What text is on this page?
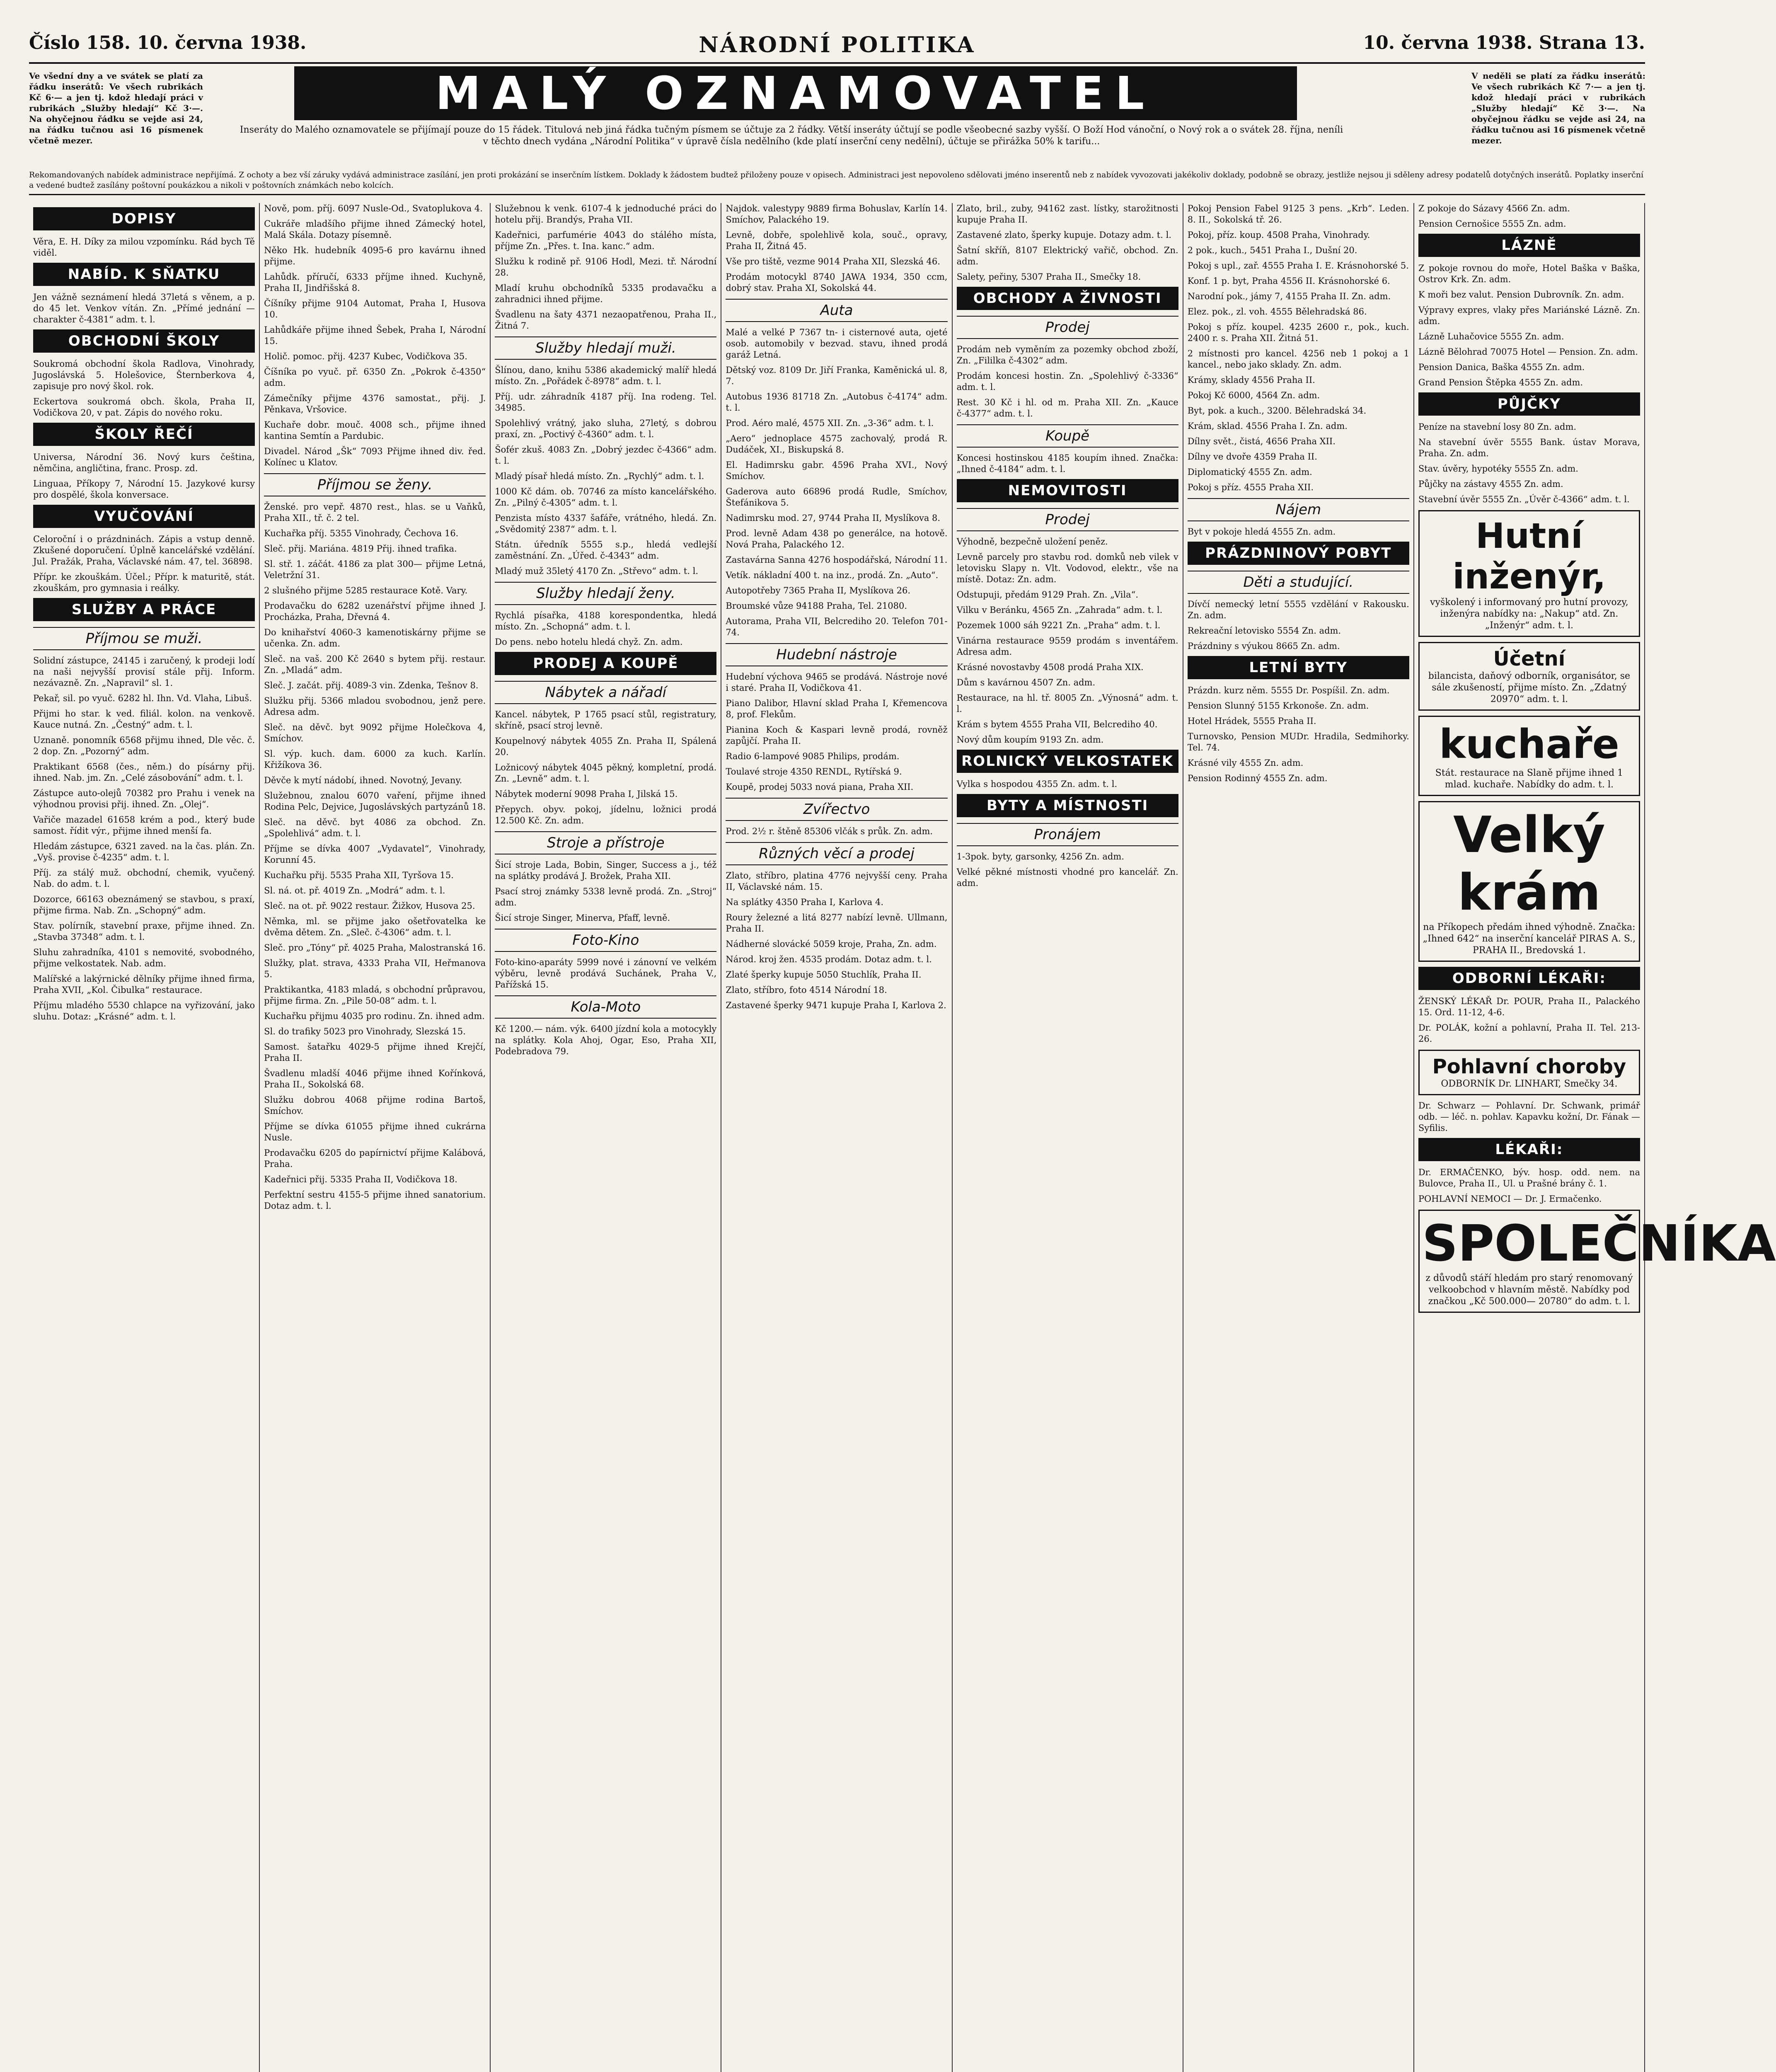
Číslo 158. 10. června 1938.	NÁRODNÍ POLITIKA	10. června 1938. Strana 13.
Ve všední dny a ve svátek se platí za řádku inserátů: Ve všech rubrikách Kč 6·— a jen tj. kdož hledají práci v rubrikách „Služby hledají“ Kč 3·—. Na ohyčejnou řádku se vejde asi 24, na řádku tučnou asi 16 písmenek včetně mezer.
MALÝ OZNAMOVATEL	V neděli se platí za řádku inserátů: Ve všech rubrikách Kč 7·— a jen tj. kdož hledají práci v rubrikách „Služby hledají“ Kč 3·—. Na obyčejnou řádku se vejde asi 24, na řádku tučnou asi 16 písmenek včetně mezer.
Inseráty do Malého oznamovatele se přijímají pouze do 15 řádek. Titulová neb jiná řádka tučným písmem se účtuje za 2 řádky. Větší inseráty účtují se podle všeobecné sazby vyšší. O Boží Hod vánoční, o Nový rok a o svátek 28. října, neníli v těchto dnech vydána „Národní Politika“ v úpravě čísla nedělního (kde platí inserční ceny nedělní), účtuje se přirážka 50% k tarifu...
Rekomandovaných nabídek administrace nepřijímá. Z ochoty a bez vší záruky vydává administrace zasílání, jen proti prokázání se inserčním lístkem. Doklady k žádostem budtež přiloženy pouze v opisech. Administraci jest nepovoleno sdělovati jméno inserentů neb z nabídek vyvozovati jakékoliv doklady, podobně se obrazy, jestliže nejsou ji sděleny adresy podatelů dotyčných inserátů. Poplatky inserční a vedené budtež zasílány poštovní poukázkou a nikoli v poštovních známkách nebo kolcích.
DOPISY

Věra, E. H. Díky za milou vzpomínku. Rád bych Tě viděl.

NABÍD. K SŇATKU

Jen vážně seznámení hledá 37letá s věnem, a p. do 45 let. Venkov vítán. Zn. „Přímé jednání — charakter č-4381“ adm. t. l.

OBCHODNÍ ŠKOLY

Soukromá obchodní škola Radlova, Vinohrady, Jugoslávská 5. Holešovice, Šternberkova 4, zapisuje pro nový škol. rok.

Eckertova soukromá obch. škola, Praha II, Vodičkova 20, v pat. Zápis do nového roku.

ŠKOLY ŘEČÍ

Universa, Národní 36. Nový kurs čeština, němčina, angličtina, franc. Prosp. zd.

Linguaa, Příkopy 7, Národní 15. Jazykové kursy pro dospělé, škola konversace.

VYUČOVÁNÍ

Celoroční i o prázdninách. Zápis a vstup denně. Zkušené doporučení. Úplně kancelářské vzdělání. Jul. Pražák, Praha, Václavské nám. 47, tel. 36898.

Přípr. ke zkouškám. Účel.; Přípr. k maturitě, stát. zkouškám, pro gymnasia i reálky.

SLUŽBY A PRÁCE
Příjmou se muži.

Solidní zástupce, 24145 i zaručený, k prodeji lodí na naši nejvyšší provisí stále přij. Inform. nezávazně. Zn. „Napravil“ sl. 1.

Pekař, sil. po vyuč. 6282 hl. Ihn. Vd. Vlaha, Libuš.

Přijmi ho star. k ved. filiál. kolon. na venkově. Kauce nutná. Zn. „Čestný“ adm. t. l.

Uznaně. ponomník 6568 přijmu ihned, Dle věc. č. 2 dop. Zn. „Pozorný“ adm.

Praktikant 6568 (čes., něm.) do písárny přij. ihned. Nab. jm. Zn. „Celé zásobování“ adm. t. l.

Zástupce auto-olejů 70382 pro Prahu i venek na výhodnou provisi přij. ihned. Zn. „Olej“.

Vařiče mazadel 61658 krém a pod., který bude samost. řídit výr., přijme ihned menší fa.

Hledám zástupce, 6321 zaved. na la čas. plán. Zn. „Vyš. provise č-4235“ adm. t. l.

Příj. za stálý muž. obchodní, chemik, vyučený. Nab. do adm. t. l.

Dozorce, 66163 obeznámený se stavbou, s praxí, přijme firma. Nab. Zn. „Schopný“ adm.

Stav. polírník, stavební praxe, přijme ihned. Zn. „Stavba 37348“ adm. t. l.

Sluhu zahradníka, 4101 s nemovité, svobodného, přijme velkostatek. Nab. adm.

Malířské a lakýrnické dělníky přijme ihned firma, Praha XVII, „Kol. Čibulka“ restaurace.

Příjmu mladého 5530 chlapce na vyřizování, jako sluhu. Dotaz: „Krásné“ adm. t. l.

Nově, pom. příj. 6097 Nusle-Od., Svatoplukova 4.

Cukráře mladšího přijme ihned Zámecký hotel, Malá Skála. Dotazy písemně.

Něko Hk. hudebník 4095-6 pro kavárnu ihned přijme.

Lahůdk. příručí, 6333 příjme ihned. Kuchyně, Praha II, Jindřišská 8.

Číšníky přijme 9104 Automat, Praha I, Husova 10.

Lahůdkáře přijme ihned Šebek, Praha I, Národní 15.

Holič. pomoc. přij. 4237 Kubec, Vodičkova 35.

Číšníka po vyuč. př. 6350 Zn. „Pokrok č-4350“ adm.

Zámečníky přijme 4376 samostat., přij. J. Pěnkava, Vršovice.

Kuchaře dobr. mouč. 4008 sch., přijme ihned kantina Semtín a Pardubic.

Divadel. Národ „Šk“ 7093 Přijme ihned div. řed. Kolínec u Klatov.

Příjmou se ženy.

Ženské. pro vepř. 4870 rest., hlas. se u Vaňků, Praha XII., tř. č. 2 tel.

Kuchařka příj. 5355 Vinohrady, Čechova 16.

Sleč. přij. Mariána. 4819 Přij. ihned trafika.

Sl. stř. 1. záčát. 4186 za plat 300— přijme Letná, Veletržní 31.

2 slušného přijme 5285 restaurace Kotě. Vary.

Prodavačku do 6282 uzenářství přijme ihned J. Procházka, Praha, Dřevná 4.

Do knihařství 4060-3 kamenotiskárny přijme se učenka. Zn. adm.

Sleč. na vaš. 200 Kč 2640 s bytem přij. restaur. Zn. „Mladá“ adm.

Sleč. J. začát. přij. 4089-3 vin. Zdenka, Tešnov 8.

Služku přij. 5366 mladou svobodnou, jenž pere. Adresa adm.

Sleč. na děvč. byt 9092 přijme Holečkova 4, Smíchov.

Sl. výp. kuch. dam. 6000 za kuch. Karlín. Křižíkova 36.

Děvče k mytí nádobí, ihned. Novotný, Jevany.

Služebnou, znalou 6070 vaření, přijme ihned Rodina Pelc, Dejvice, Jugoslávských partyzánů 18.

Sleč. na děvč. byt 4086 za obchod. Zn. „Spolehlivá“ adm. t. l.

Příjme se dívka 4007 „Vydavatel“, Vinohrady, Korunní 45.

Kuchařku přij. 5535 Praha XII, Tyršova 15.

Sl. ná. ot. př. 4019 Zn. „Modrá“ adm. t. l.

Sleč. na ot. př. 9022 restaur. Žižkov, Husova 25.

Němka, ml. se přijme jako ošetřovatelka ke dvěma dětem. Zn. „Sleč. č-4306“ adm. t. l.

Sleč. pro „Tóny“ př. 4025 Praha, Malostranská 16.

Služky, plat. strava, 4333 Praha VII, Heřmanova 5.

Praktikantka, 4183 mladá, s obchodní průpravou, přijme firma. Zn. „Pile 50-08“ adm. t. l.

Kuchařku přijmu 4035 pro rodinu. Zn. ihned adm.

Sl. do trafiky 5023 pro Vinohrady, Slezská 15.

Samost. šatařku 4029-5 přijme ihned Krejčí, Praha II.

Švadlenu mladší 4046 přijme ihned Kořínková, Praha II., Sokolská 68.

Služku dobrou 4068 přijme rodina Bartoš, Smíchov.

Příjme se dívka 61055 přijme ihned cukrárna Nusle.

Prodavačku 6205 do papírnictví přijme Kalábová, Praha.

Kadeřnici přij. 5335 Praha II, Vodičkova 18.

Perfektní sestru 4155-5 přijme ihned sanatorium. Dotaz adm. t. l.

Služebnou k venk. 6107-4 k jednoduché práci do hotelu přij. Brandýs, Praha VII.

Kadeřnici, parfumérie 4043 do stálého místa, příjme Zn. „Přes. t. Ina. kanc.“ adm.

Služku k rodině př. 9106 Hodl, Mezi. tř. Národní 28.

Mladí kruhu obchodníků 5335 prodavačku a zahradnici ihned přijme.

Švadlenu na šaty 4371 nezaopatřenou, Praha II., Žitná 7.

Služby hledají muži.

Šlínou, dano, knihu 5386 akademický malíř hledá místo. Zn. „Pořádek č-8978“ adm. t. l.

Příj. udr. záhradník 4187 příj. Ina rodeng. Tel. 34985.

Spolehlivý vrátný, jako sluha, 27letý, s dobrou praxí, zn. „Poctivý č-4360“ adm. t. l.

Šofér zkuš. 4083 Zn. „Dobrý jezdec č-4366“ adm. t. l.

Mladý písař hledá místo. Zn. „Rychlý“ adm. t. l.

1000 Kč dám. ob. 70746 za místo kancelářského. Zn. „Pilný č-4305“ adm. t. l.

Penzista místo 4337 šafáře, vrátného, hledá. Zn. „Svědomitý 2387“ adm. t. l.

Státn. úředník 5555 s.p., hledá vedlejší zaměstnání. Zn. „Úřed. č-4343“ adm.

Mladý muž 35letý 4170 Zn. „Střevo“ adm. t. l.

Služby hledají ženy.

Rychlá písařka, 4188 korespondentka, hledá místo. Zn. „Schopná“ adm. t. l.

Do pens. nebo hotelu hledá chyž. Zn. adm.

PRODEJ A KOUPĚ
Nábytek a nářadí

Kancel. nábytek, P 1765 psací stůl, registratury, skříně, psací stroj levně.

Koupelnový nábytek 4055 Zn. Praha II, Spálená 20.

Ložnicový nábytek 4045 pěkný, kompletní, prodá. Zn. „Levně“ adm. t. l.

Nábytek moderní 9098 Praha I, Jilská 15.

Přepych. obyv. pokoj, jídelnu, ložnici prodá 12.500 Kč. Zn. adm.

Stroje a přístroje

Šicí stroje Lada, Bobin, Singer, Success a j., též na splátky prodává J. Brožek, Praha XII.

Psací stroj známky 5338 levně prodá. Zn. „Stroj“ adm.

Šicí stroje Singer, Minerva, Pfaff, levně.

Foto-Kino

Foto-kino-aparáty 5999 nové i zánovní ve velkém výběru, levně prodává Suchánek, Praha V., Pařížská 15.

Kola-Moto

Kč 1200.— nám. výk. 6400 jízdní kola a motocykly na splátky. Kola Ahoj, Ogar, Eso, Praha XII, Podebradova 79.

Najdok. valestypy 9889 firma Bohuslav, Karlín 14. Smíchov, Palackého 19.

Levně, dobře, spolehlivě kola, souč., opravy, Praha II, Žitná 45.

Vše pro tiště, vezme 9014 Praha XII, Slezská 46.

Prodám motocykl 8740 JAWA 1934, 350 ccm, dobrý stav. Praha XI, Sokolská 44.

Auta

Malé a velké P 7367 tn- i cisternové auta, ojeté osob. automobily v bezvad. stavu, ihned prodá garáž Letná.

Dětský voz. 8109 Dr. Jiří Franka, Kaměnická ul. 8, 7.

Autobus 1936 81718 Zn. „Autobus č-4174“ adm. t. l.

Prod. Aéro malé, 4575 XII. Zn. „3-36“ adm. t. l.

„Aero“ jednoplace 4575 zachovalý, prodá R. Dudáček, XI., Biskupská 8.

El. Hadimrsku gabr. 4596 Praha XVI., Nový Smíchov.

Gaderova auto 66896 prodá Rudle, Smíchov, Štefánikova 5.

Nadimrsku mod. 27, 9744 Praha II, Myslíkova 8.

Prod. levně Adam 438 po generálce, na hotově. Nová Praha, Palackého 12.

Zastavárna Sanna 4276 hospodářská, Národní 11.

Vetík. nákladní 400 t. na inz., prodá. Zn. „Auto“.

Autopotřeby 7365 Praha II, Myslíkova 26.

Broumské vůze 94188 Praha, Tel. 21080.

Autorama, Praha VII, Belcrediho 20. Telefon 701-74.

Hudební nástroje

Hudební výchova 9465 se prodává. Nástroje nové i staré. Praha II, Vodičkova 41.

Piano Dalibor, Hlavní sklad Praha I, Křemencova 8, prof. Flekům.

Pianina Koch & Kaspari levně prodá, rovněž zapůjčí. Praha II.

Radio 6-lampové 9085 Philips, prodám.

Toulavé stroje 4350 RENDL, Rytířská 9.

Koupě, prodej 5033 nová piana, Praha XII.

Zvířectvo

Prod. 2½ r. štěně 85306 vlčák s průk. Zn. adm.

Různých věcí a prodej

Zlato, stříbro, platina 4776 nejvyšší ceny. Praha II, Václavské nám. 15.

Na splátky 4350 Praha I, Karlova 4.

Roury železné a litá 8277 nabízí levně. Ullmann, Praha II.

Nádherné slovácké 5059 kroje, Praha, Zn. adm.

Národ. kroj žen. 4535 prodám. Dotaz adm. t. l.

Zlaté šperky kupuje 5050 Stuchlík, Praha II.

Zlato, stříbro, foto 4514 Národní 18.

Zastavené šperky 9471 kupuje Praha I, Karlova 2.

Zlato, bril., zuby, 94162 zast. lístky, starožitnosti kupuje Praha II.

Zastavené zlato, šperky kupuje. Dotazy adm. t. l.

Šatní skříň, 8107 Elektrický vařič, obchod. Zn. adm.

Salety, peřiny, 5307 Praha II., Smečky 18.

OBCHODY A ŽIVNOSTI
Prodej

Prodám neb vyměním za pozemky obchod zboží, Zn. „Fililka č-4302“ adm.

Prodám koncesi hostin. Zn. „Spolehlivý č-3336“ adm. t. l.

Rest. 30 Kč i hl. od m. Praha XII. Zn. „Kauce č-4377“ adm. t. l.

Koupě

Koncesi hostinskou 4185 koupím ihned. Značka: „Ihned č-4184“ adm. t. l.

NEMOVITOSTI
Prodej

Výhodně, bezpečně uložení peněz.

Levně parcely pro stavbu rod. domků neb vilek v letovisku Slapy n. Vlt. Vodovod, elektr., vše na místě. Dotaz: Zn. adm.

Odstupuji, předám 9129 Prah. Zn. „Vila“.

Vilku v Beránku, 4565 Zn. „Zahrada“ adm. t. l.

Pozemek 1000 sáh 9221 Zn. „Praha“ adm. t. l.

Vinárna restaurace 9559 prodám s inventářem. Adresa adm.

Krásné novostavby 4508 prodá Praha XIX.

Dům s kavárnou 4507 Zn. adm.

Restaurace, na hl. tř. 8005 Zn. „Výnosná“ adm. t. l.

Krám s bytem 4555 Praha VII, Belcrediho 40.

Nový dům koupím 9193 Zn. adm.

ROLNICKÝ VELKOSTATEK

Vylka s hospodou 4355 Zn. adm. t. l.

BYTY A MÍSTNOSTI
Pronájem

1-3pok. byty, garsonky, 4256 Zn. adm.

Velké pěkné místnosti vhodné pro kancelář. Zn. adm.

Pokoj Pension Fabel 9125 3 pens. „Krb“. Leden. 8. II., Sokolská tř. 26.

Pokoj, příz. koup. 4508 Praha, Vinohrady.

2 pok., kuch., 5451 Praha I., Dušní 20.

Pokoj s upl., zař. 4555 Praha I. E. Krásnohorské 5.

Konf. 1 p. byt, Praha 4556 II. Krásnohorské 6.

Narodní pok., jámy 7, 4155 Praha II. Zn. adm.

Elez. pok., zl. voh. 4555 Bělehradská 86.

Pokoj s příz. koupel. 4235 2600 r., pok., kuch. 2400 r. s. Praha XII. Žitná 51.

2 místnosti pro kancel. 4256 neb 1 pokoj a 1 kancel., nebo jako sklady. Zn. adm.

Krámy, sklady 4556 Praha II.

Pokoj Kč 6000, 4564 Zn. adm.

Byt, pok. a kuch., 3200. Bělehradská 34.

Krám, sklad. 4556 Praha I. Zn. adm.

Dílny svět., čistá, 4656 Praha XII.

Dílny ve dvoře 4359 Praha II.

Diplomatický 4555 Zn. adm.

Pokoj s příz. 4555 Praha XII.

Nájem

Byt v pokoje hledá 4555 Zn. adm.

PRÁZDNINOVÝ POBYT
Děti a studující.

Dívčí nemecký letní 5555 vzdělání v Rakousku. Zn. adm.

Rekreační letovisko 5554 Zn. adm.

Prázdniny s výukou 8665 Zn. adm.

LETNÍ BYTY

Prázdn. kurz něm. 5555 Dr. Pospíšil. Zn. adm.

Pension Slunný 5155 Krkonoše. Zn. adm.

Hotel Hrádek, 5555 Praha II.

Turnovsko, Pension MUDr. Hradila, Sedmihorky. Tel. 74.

Krásné vily 4555 Zn. adm.

Pension Rodinný 4555 Zn. adm.

Z pokoje do Sázavy 4566 Zn. adm.

Pension Cernošice 5555 Zn. adm.

LÁZNĚ

Z pokoje rovnou do moře, Hotel Baška v Baška, Ostrov Krk. Zn. adm.

K moři bez valut. Pension Dubrovník. Zn. adm.

Výpravy expres, vlaky přes Mariánské Lázně. Zn. adm.

Lázně Luhačovice 5555 Zn. adm.

Lázně Bělohrad 70075 Hotel — Pension. Zn. adm.

Pension Danica, Baška 4555 Zn. adm.

Grand Pension Štěpka 4555 Zn. adm.

PŮJČKY

Peníze na stavební losy 80 Zn. adm.

Na stavební úvěr 5555 Bank. ústav Morava, Praha. Zn. adm.

Stav. úvěry, hypotéky 5555 Zn. adm.

Půjčky na zástavy 4555 Zn. adm.

Stavební úvěr 5555 Zn. „Úvěr č-4366“ adm. t. l.

Hutní inženýr,
vyškolený i informovaný pro hutní provozy, inženýra nabídky na: „Nakup“ atd. Zn. „Inženýr“ adm. t. l.
Účetní
bilancista, daňový odborník, organisátor, se sále zkušeností, přijme místo. Zn. „Zdatný 20970“ adm. t. l.
kuchaře
Stát. restaurace na Slaně přijme ihned 1 mlad. kuchaře. Nabídky do adm. t. l.
Velký krám
na Příkopech předám ihned výhodně. Značka: „Ihned 642“ na inserční kancelář PIRAS A. S., PRAHA II., Bredovská 1.
ODBORNÍ LÉKAŘI:

ŽENSKÝ LÉKAŘ Dr. POUR, Praha II., Palackého 15. Ord. 11-12, 4-6.

Dr. POLÁK, kožní a pohlavní, Praha II. Tel. 213-26.

Pohlavní choroby
ODBORNÍK Dr. LINHART, Smečky 34.

Dr. Schwarz — Pohlavní. Dr. Schwank, primář odb. — léč. n. pohlav. Kapavku kožní, Dr. Fának — Syfilis.

LÉKAŘI:

Dr. ERMAČENKO, býv. hosp. odd. nem. na Bulovce, Praha II., Ul. u Prašné brány č. 1.

POHLAVNÍ NEMOCI — Dr. J. Ermačenko.

SPOLEČNÍKA
z důvodů stáří hledám pro starý renomovaný velkoobchod v hlavním městě. Nabídky pod značkou „Kč 500.000— 20780“ do adm. t. l.
